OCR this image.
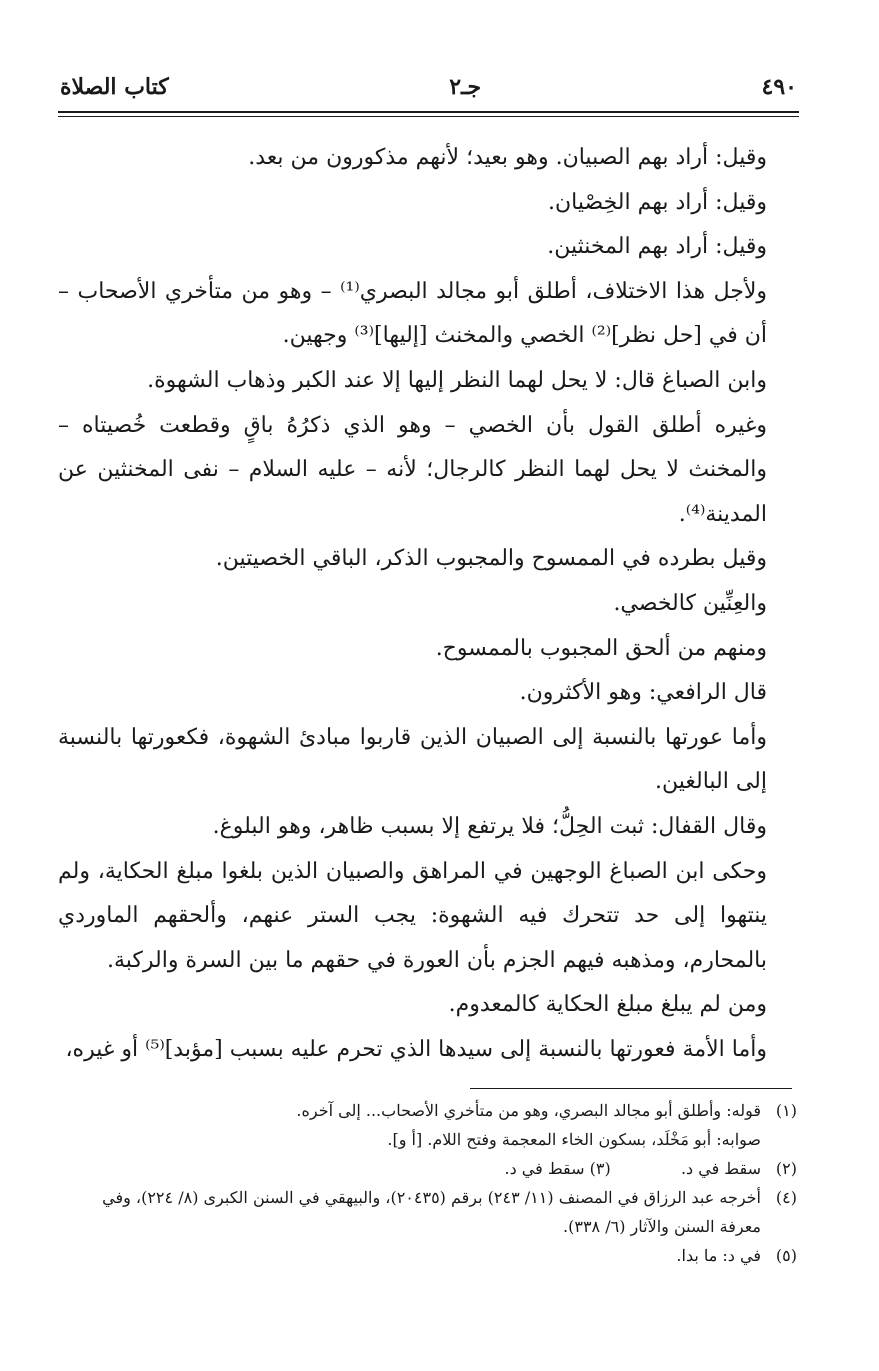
٤٩٠
جـ٢
كتاب الصلاة

وقيل: أراد بهم الصبيان. وهو بعيد؛ لأنهم مذكورون من بعد.

وقيل: أراد بهم الخِصْيان.

وقيل: أراد بهم المخنثين.

ولأجل هذا الاختلاف، أطلق أبو مجالد البصري⁽¹⁾ – وهو من متأخري الأصحاب – أن في [حل نظر]⁽²⁾ الخصي والمخنث [إليها]⁽³⁾ وجهين.

وابن الصباغ قال: لا يحل لهما النظر إليها إلا عند الكبر وذهاب الشهوة.

وغيره أطلق القول بأن الخصي – وهو الذي ذكرُهُ باقٍ وقطعت خُصيتاه – والمخنث لا يحل لهما النظر كالرجال؛ لأنه – عليه السلام – نفى المخنثين عن المدينة⁽⁴⁾.

وقيل بطرده في الممسوح والمجبوب الذكر، الباقي الخصيتين.

والعِنِّين كالخصي.

ومنهم من ألحق المجبوب بالممسوح.

قال الرافعي: وهو الأكثرون.

وأما عورتها بالنسبة إلى الصبيان الذين قاربوا مبادئ الشهوة، فكعورتها بالنسبة إلى البالغين.

وقال القفال: ثبت الحِلُّ؛ فلا يرتفع إلا بسبب ظاهر، وهو البلوغ.

وحكى ابن الصباغ الوجهين في المراهق والصبيان الذين بلغوا مبلغ الحكاية، ولم ينتهوا إلى حد تتحرك فيه الشهوة: يجب الستر عنهم، وألحقهم الماوردي بالمحارم، ومذهبه فيهم الجزم بأن العورة في حقهم ما بين السرة والركبة.

ومن لم يبلغ مبلغ الحكاية كالمعدوم.

وأما الأمة فعورتها بالنسبة إلى سيدها الذي تحرم عليه بسبب [مؤبد]⁽⁵⁾ أو غيره،

(١)
قوله: وأطلق أبو مجالد البصري، وهو من متأخري الأصحاب... إلى آخره.
صوابه: أبو مَخْلَد، بسكون الخاء المعجمة وفتح اللام. [أ و].
(٢)
سقط في د.  (٣) سقط في د.
(٤)
أخرجه عبد الرزاق في المصنف (١١/ ٢٤٣) برقم (٢٠٤٣٥)، والبيهقي في السنن الكبرى (٨/ ٢٢٤)، وفي معرفة السنن والآثار (٦/ ٣٣٨).
(٥)
في د: ما بدا.
